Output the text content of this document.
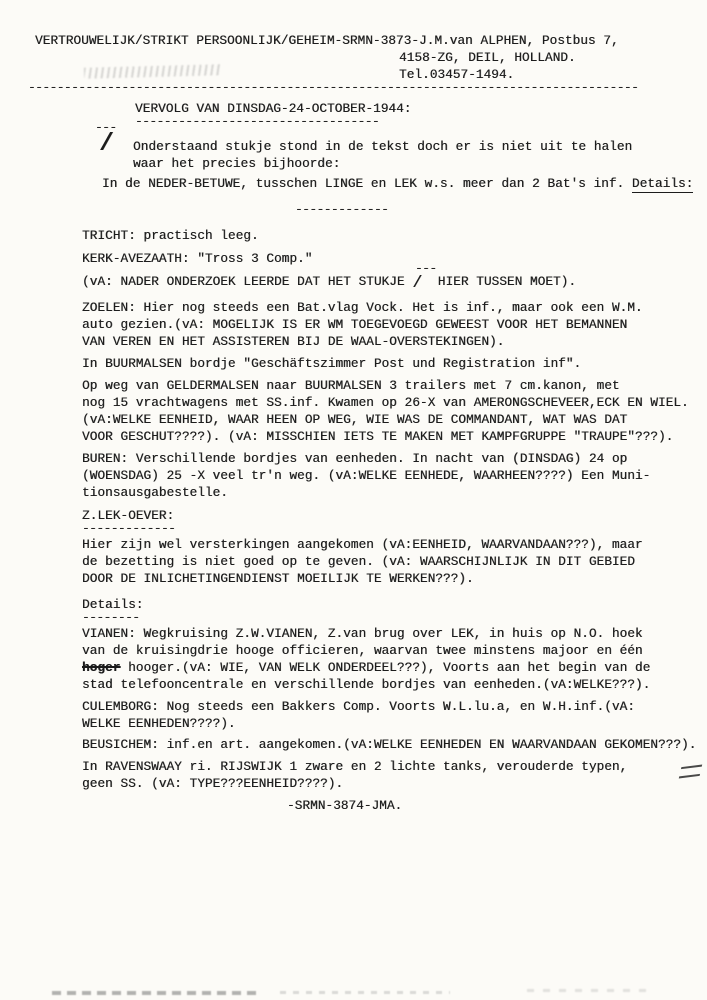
VERTROUWELIJK/STRIKT PERSOONLIJK/GEHEIM-SRMN-3873-J.M.van ALPHEN, Postbus 7,
4158-ZG, DEIL, HOLLAND.
Tel.03457-1494.
-------------------------------------------------------------------------------------
VERVOLG VAN DINSDAG-24-OCTOBER-1944:
----------------------------------
---
/ Onderstaand stukje stond in de tekst doch er is niet uit te halen
waar het precies bijhoorde:
In de NEDER-BETUWE, tusschen LINGE en LEK w.s. meer dan 2 Bat's inf. Details:
-------------
TRICHT: practisch leeg.
KERK-AVEZAATH: "Tross 3 Comp."
---
(vA: NADER ONDERZOEK LEERDE DAT HET STUKJE /  HIER TUSSEN MOET).
ZOELEN: Hier nog steeds een Bat.vlag Vock. Het is inf., maar ook een W.M.
auto gezien.(vA: MOGELIJK IS ER WM TOEGEVOEGD GEWEEST VOOR HET BEMANNEN
VAN VEREN EN HET ASSISTEREN BIJ DE WAAL-OVERSTEKINGEN).
In BUURMALSEN bordje "Geschäftszimmer Post und Registration inf".
Op weg van GELDERMALSEN naar BUURMALSEN 3 trailers met 7 cm.kanon, met
nog 15 vrachtwagens met SS.inf. Kwamen op 26-X van AMERONGSCHEVEER,ECK EN WIEL.
(vA:WELKE EENHEID, WAAR HEEN OP WEG, WIE WAS DE COMMANDANT, WAT WAS DAT
VOOR GESCHUT????). (vA: MISSCHIEN IETS TE MAKEN MET KAMPFGRUPPE "TRAUPE"???).
BUREN: Verschillende bordjes van eenheden. In nacht van (DINSDAG) 24 op
(WOENSDAG) 25 -X veel tr'n weg. (vA:WELKE EENHEDE, WAARHEEN????) Een Muni-
tionsausgabestelle.
Z.LEK-OEVER:
-------------
Hier zijn wel versterkingen aangekomen (vA:EENHEID, WAARVANDAAN???), maar
de bezetting is niet goed op te geven. (vA: WAARSCHIJNLIJK IN DIT GEBIED
DOOR DE INLICHETINGENDIENST MOEILIJK TE WERKEN???).
Details:
--------
VIANEN: Wegkruising Z.W.VIANEN, Z.van brug over LEK, in huis op N.O. hoek
van de kruisingdrie hooge officieren, waarvan twee minstens majoor en één
hoger hooger.(vA: WIE, VAN WELK ONDERDEEL???), Voorts aan het begin van de
stad telefooncentrale en verschillende bordjes van eenheden.(vA:WELKE???).
CULEMBORG: Nog steeds een Bakkers Comp. Voorts W.L.lu.a, en W.H.inf.(vA:
WELKE EENHEDEN????).
BEUSICHEM: inf.en art. aangekomen.(vA:WELKE EENHEDEN EN WAARVANDAAN GEKOMEN???).
In RAVENSWAAY ri. RIJSWIJK 1 zware en 2 lichte tanks, verouderde typen,
geen SS. (vA: TYPE???EENHEID????).
-SRMN-3874-JMA.
